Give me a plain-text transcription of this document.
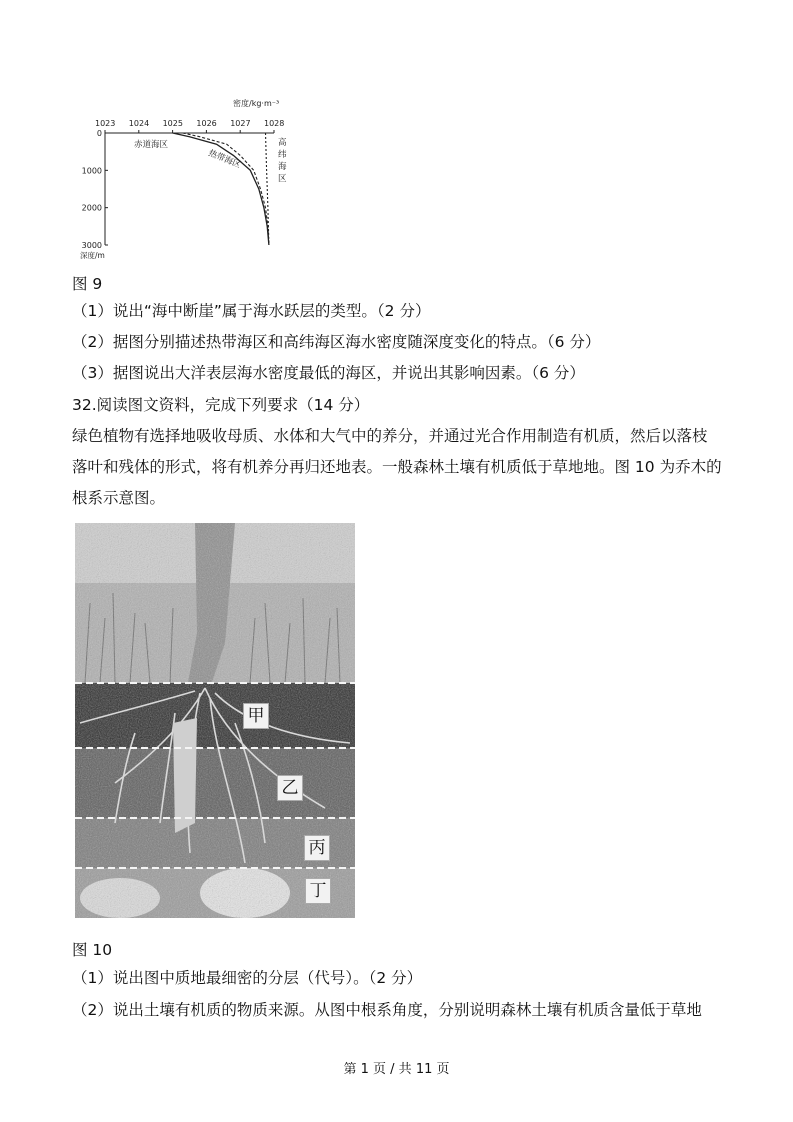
密度/kg·m⁻³
1023 1024 1025 1026 1027 1028
0
1000
2000
3000
深度/m
赤道海区
热带海区
高
纬
海
区
图 9
（1）说出“海中断崖”属于海水跃层的类型。（2 分）
（2）据图分别描述热带海区和高纬海区海水密度随深度变化的特点。（6 分）
（3）据图说出大洋表层海水密度最低的海区，并说出其影响因素。（6 分）
32.阅读图文资料，完成下列要求（14 分）
绿色植物有选择地吸收母质、水体和大气中的养分，并通过光合作用制造有机质，然后以落枝落叶和残体的形式，将有机养分再归还地表。一般森林土壤有机质低于草地地。图 10 为乔木的根系示意图。
甲
乙
丙
丁
图 10
（1）说出图中质地最细密的分层（代号）。（2 分）
（2）说出土壤有机质的物质来源。从图中根系角度，分别说明森林土壤有机质含量低于草地
第 1 页 / 共 11 页
